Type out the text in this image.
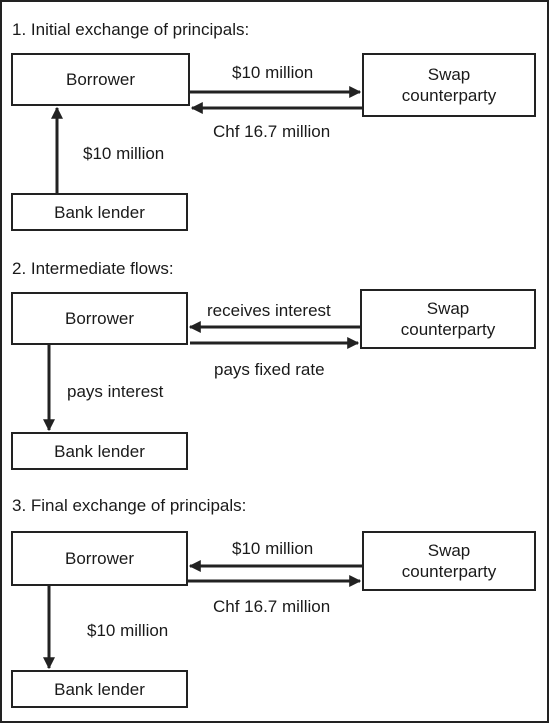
1. Initial exchange of principals:
Borrower	Swap
counterparty
Bank lender
$10 million
Chf 16.7 million
$10 million
2. Intermediate flows:
Borrower
Swap
counterparty
Bank lender
receives interest
pays fixed rate
pays interest
3. Final exchange of principals:
Borrower	Swap
counterparty
Bank lender
$10 million
Chf 16.7 million
$10 million
